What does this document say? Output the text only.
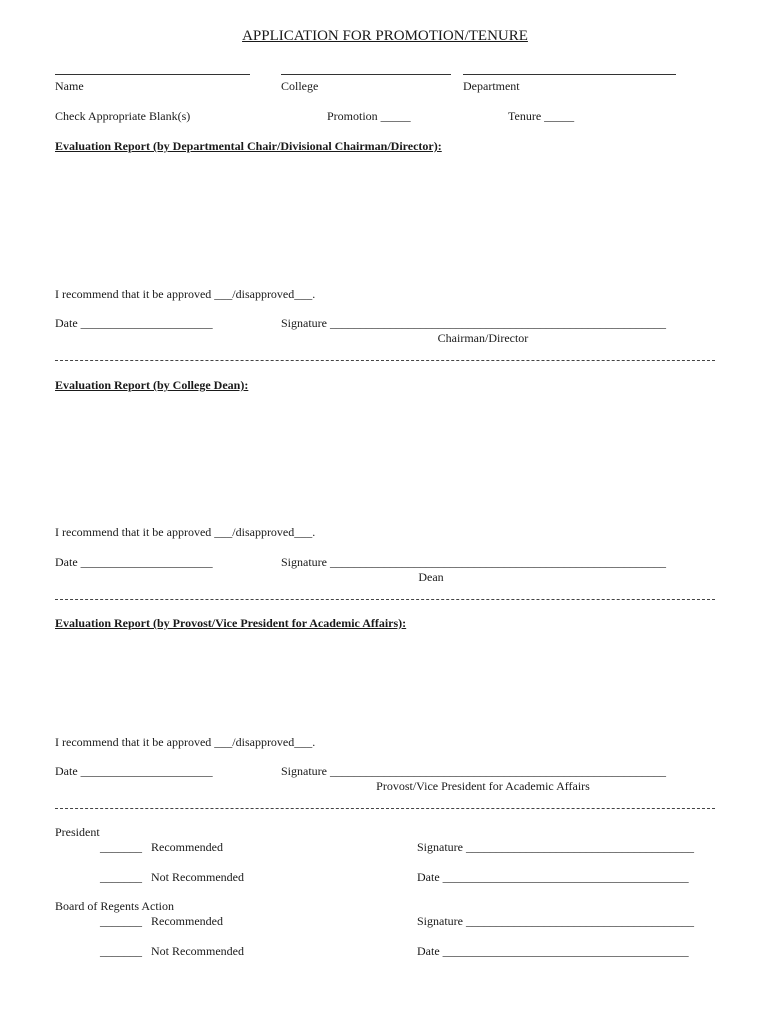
APPLICATION FOR PROMOTION/TENURE
Name	College	Department
Check Appropriate Blank(s)	Promotion _____	Tenure _____
Evaluation Report (by Departmental Chair/Divisional Chairman/Director):
I recommend that it be approved ___/disapproved___.
Date ______________________	Signature ________________________________________________________
Chairman/Director
Evaluation Report (by College Dean):
I recommend that it be approved ___/disapproved___.
Date ______________________	Signature ________________________________________________________
Dean
Evaluation Report (by Provost/Vice President for Academic Affairs):
I recommend that it be approved ___/disapproved___.
Date ______________________	Signature ________________________________________________________
Provost/Vice President for Academic Affairs
President
_______   Recommended	Signature ______________________________________
_______   Not Recommended	Date _________________________________________
Board of Regents Action
_______   Recommended	Signature ______________________________________
_______   Not Recommended	Date _________________________________________
